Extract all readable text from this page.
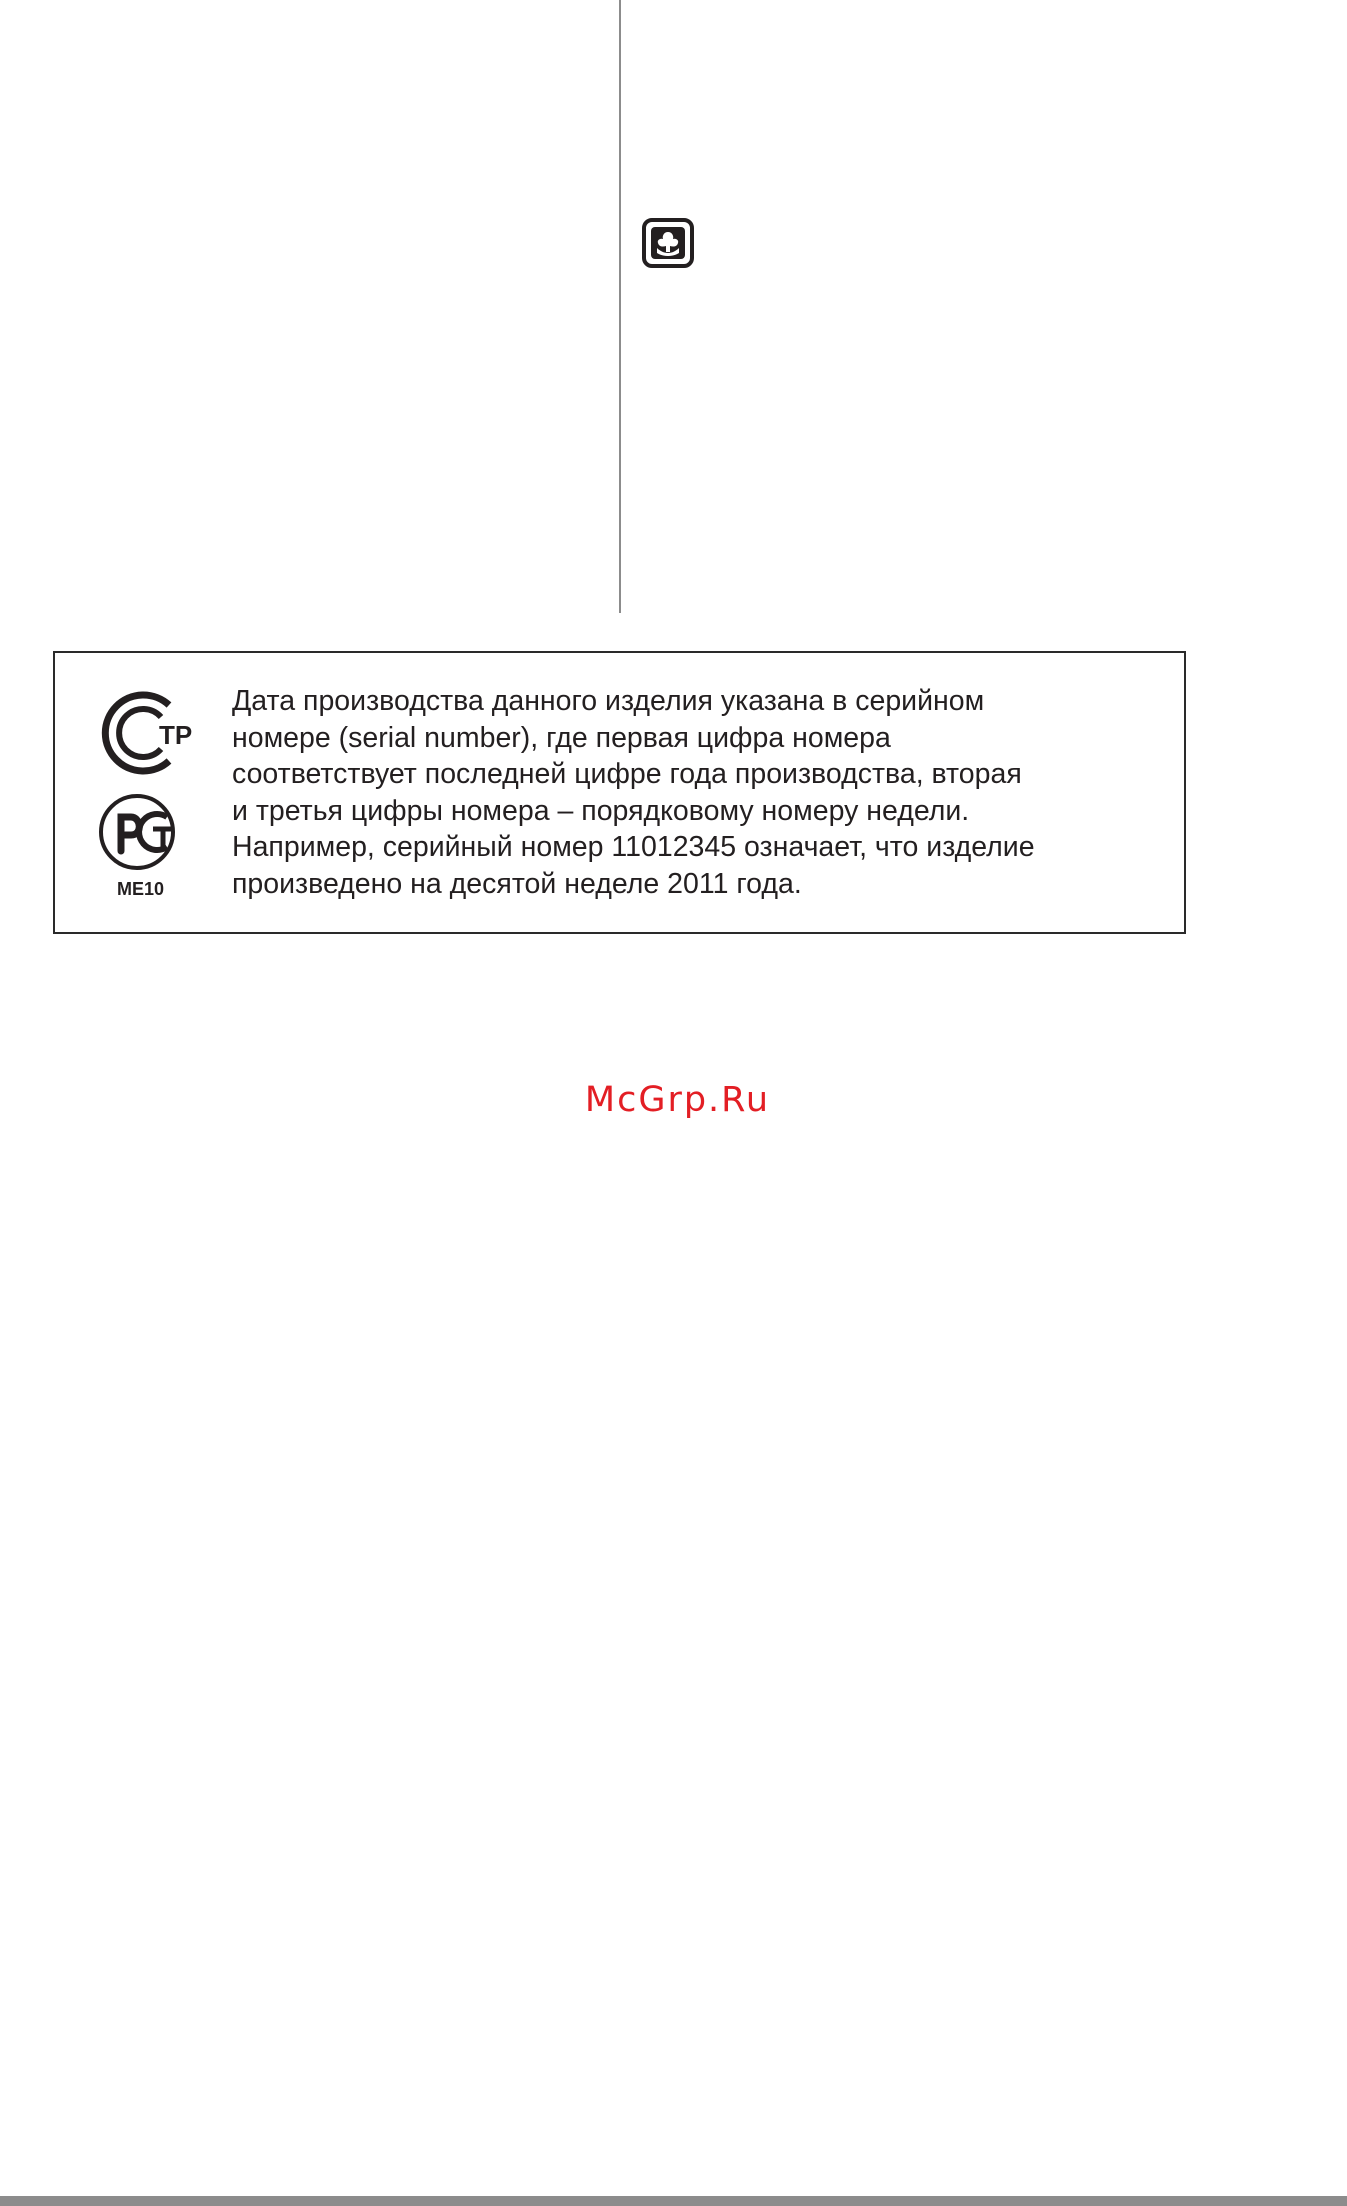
ТР
ME10

Дата производства данного изделия указана в серийном
номере (serial number), где первая цифра номера
соответствует последней цифре года производства, вторая
и третья цифры номера – порядковому номеру недели.
Например, серийный номер 11012345 означает, что изделие
произведено на десятой неделе 2011 года.

McGrp.Ru
